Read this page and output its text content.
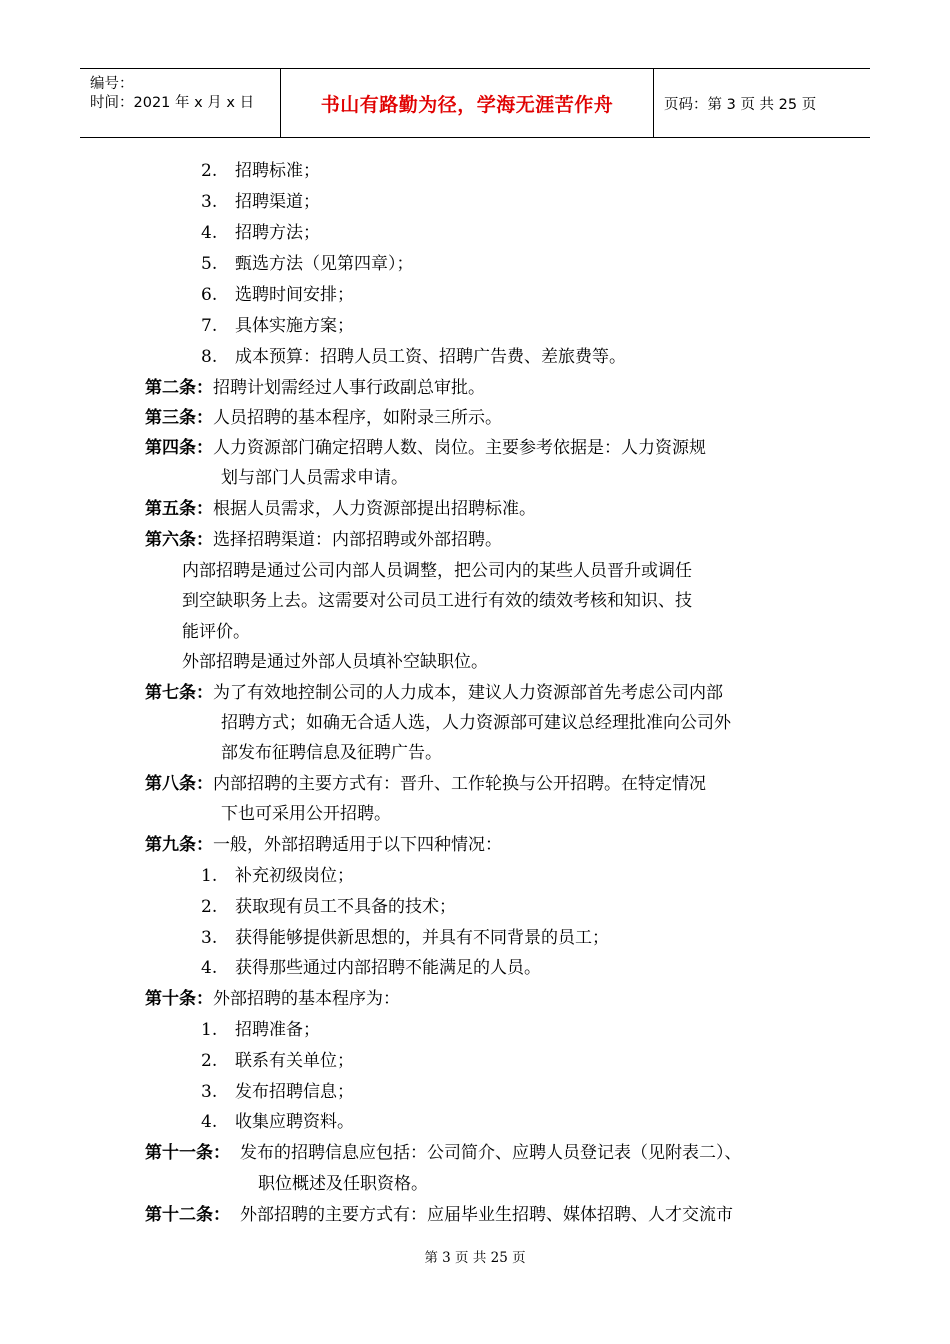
编号：
时间：2021 年 x 月 x 日	书山有路勤为径，学海无涯苦作舟	页码：第 3 页 共 25 页
2. 招聘标准；
3. 招聘渠道；
4. 招聘方法；
5. 甄选方法（见第四章）；
6. 选聘时间安排；
7. 具体实施方案；
8. 成本预算：招聘人员工资、招聘广告费、差旅费等。
第二条：招聘计划需经过人事行政副总审批。
第三条：人员招聘的基本程序，如附录三所示。
第四条：人力资源部门确定招聘人数、岗位。主要参考依据是：人力资源规
划与部门人员需求申请。
第五条：根据人员需求，人力资源部提出招聘标准。
第六条：选择招聘渠道：内部招聘或外部招聘。
内部招聘是通过公司内部人员调整，把公司内的某些人员晋升或调任
到空缺职务上去。这需要对公司员工进行有效的绩效考核和知识、技
能评价。
外部招聘是通过外部人员填补空缺职位。
第七条：为了有效地控制公司的人力成本，建议人力资源部首先考虑公司内部
招聘方式；如确无合适人选，人力资源部可建议总经理批准向公司外
部发布征聘信息及征聘广告。
第八条：内部招聘的主要方式有：晋升、工作轮换与公开招聘。在特定情况
下也可采用公开招聘。
第九条：一般，外部招聘适用于以下四种情况：
1. 补充初级岗位；
2. 获取现有员工不具备的技术；
3. 获得能够提供新思想的，并具有不同背景的员工；
4. 获得那些通过内部招聘不能满足的人员。
第十条：外部招聘的基本程序为：
1. 招聘准备；
2. 联系有关单位；
3. 发布招聘信息；
4. 收集应聘资料。
第十一条： 发布的招聘信息应包括：公司简介、应聘人员登记表（见附表二）、
职位概述及任职资格。
第十二条： 外部招聘的主要方式有：应届毕业生招聘、媒体招聘、人才交流市
第 3 页 共 25 页
